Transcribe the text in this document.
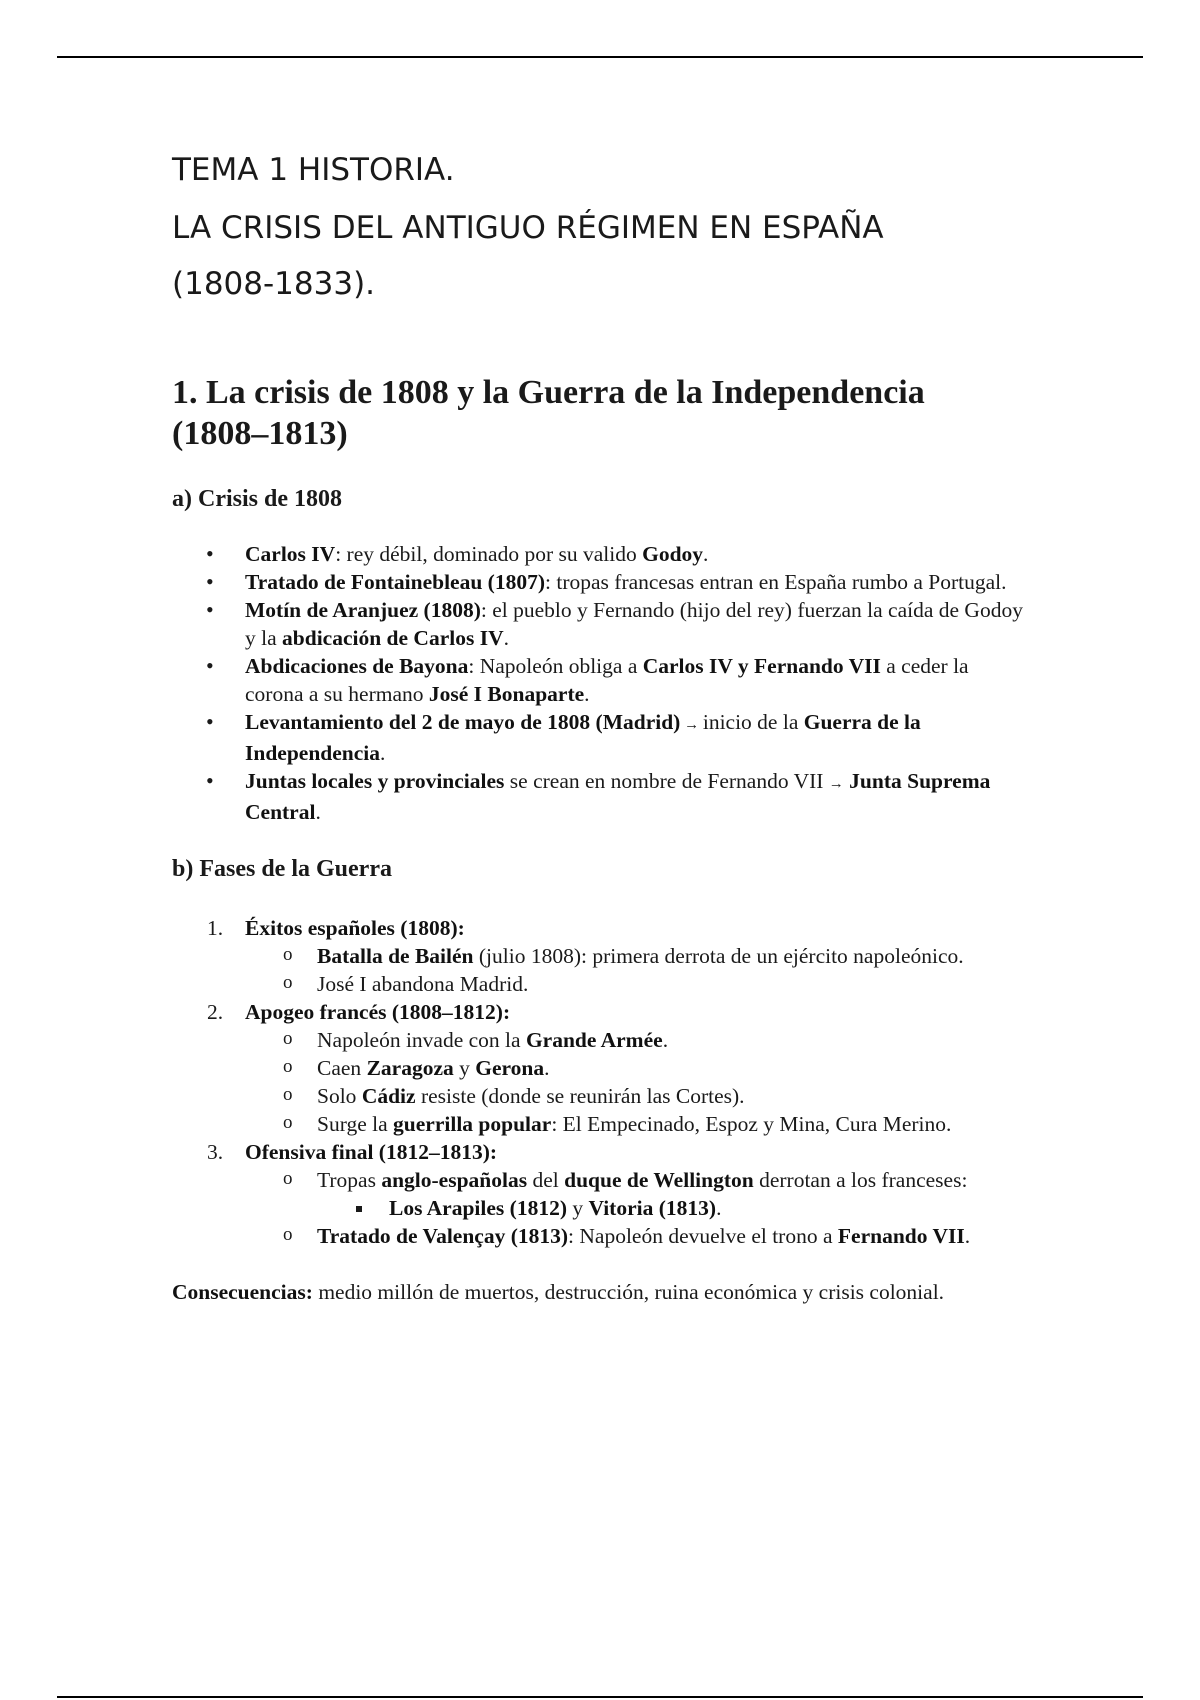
TEMA 1 HISTORIA.
LA CRISIS DEL ANTIGUO RÉGIMEN EN ESPAÑA
(1808-1833).
1. La crisis de 1808 y la Guerra de la Independencia
(1808–1813)
a) Crisis de 1808
• Carlos IV: rey débil, dominado por su valido Godoy.
• Tratado de Fontainebleau (1807): tropas francesas entran en España rumbo a Portugal.
• Motín de Aranjuez (1808): el pueblo y Fernando (hijo del rey) fuerzan la caída de Godoy y la abdicación de Carlos IV.
• Abdicaciones de Bayona: Napoleón obliga a Carlos IV y Fernando VII a ceder la corona a su hermano José I Bonaparte.
• Levantamiento del 2 de mayo de 1808 (Madrid) → inicio de la Guerra de la Independencia.
• Juntas locales y provinciales se crean en nombre de Fernando VII → Junta Suprema Central.
b) Fases de la Guerra
1. Éxitos españoles (1808):
o Batalla de Bailén (julio 1808): primera derrota de un ejército napoleónico.
o José I abandona Madrid.
2. Apogeo francés (1808–1812):
o Napoleón invade con la Grande Armée.
o Caen Zaragoza y Gerona.
o Solo Cádiz resiste (donde se reunirán las Cortes).
o Surge la guerrilla popular: El Empecinado, Espoz y Mina, Cura Merino.
3. Ofensiva final (1812–1813):
o Tropas anglo-españolas del duque de Wellington derrotan a los franceses:
Los Arapiles (1812) y Vitoria (1813).
o Tratado de Valençay (1813): Napoleón devuelve el trono a Fernando VII.

Consecuencias: medio millón de muertos, destrucción, ruina económica y crisis colonial.
